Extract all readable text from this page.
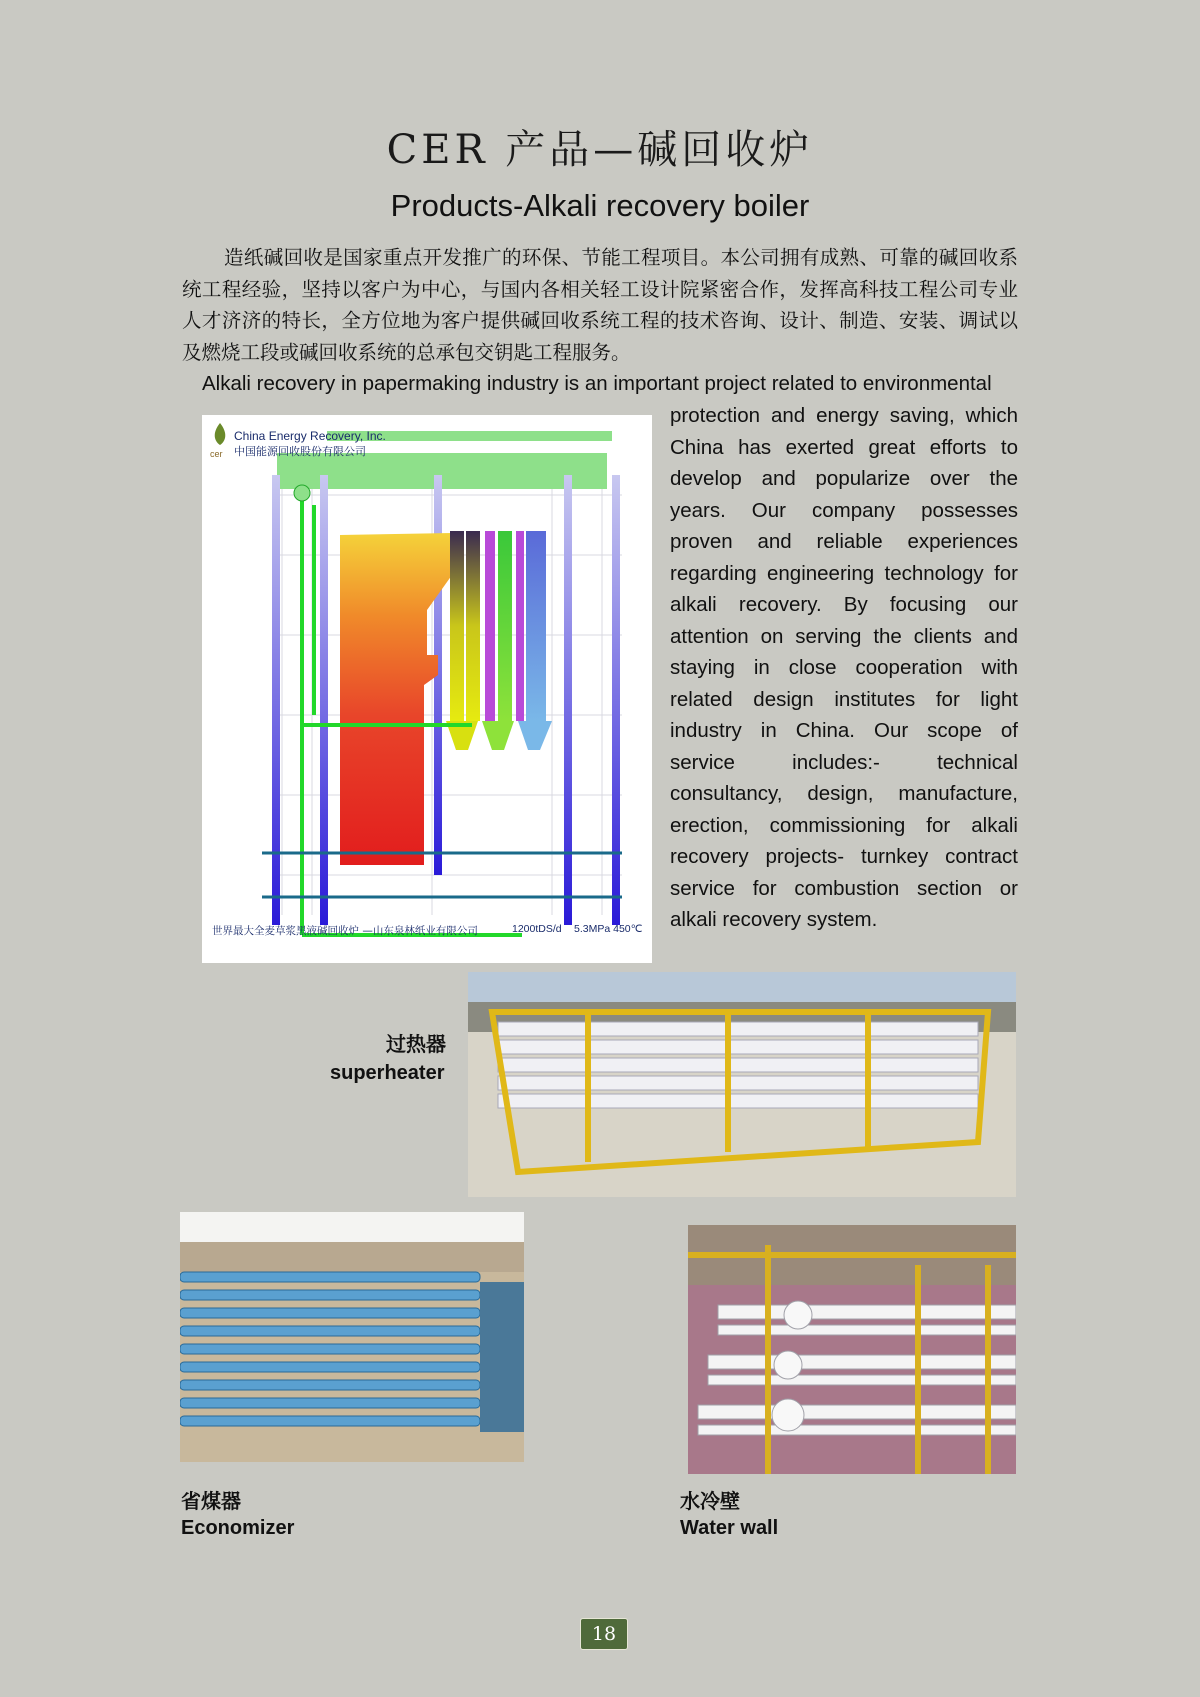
CER 产品—碱回收炉
Products-Alkali recovery boiler
造纸碱回收是国家重点开发推广的环保、节能工程项目。本公司拥有成熟、可靠的碱回收系统工程经验，坚持以客户为中心，与国内各相关轻工设计院紧密合作，发挥高科技工程公司专业人才济济的特长，全方位地为客户提供碱回收系统工程的技术咨询、设计、制造、安装、调试以及燃烧工段或碱回收系统的总承包交钥匙工程服务。
Alkali recovery in papermaking industry is an important project related to environmental
protection and energy saving, which China has exerted great efforts to develop and popularize over the years. Our company possesses proven and reliable experiences regarding engineering technology for alkali recovery. By focusing our attention on serving the clients and staying in close cooperation with related design institutes for light industry in China. Our scope of service includes:- technical consultancy, design, manufacture, erection, commissioning for alkali recovery projects- turnkey contract service for combustion section or alkali recovery system.
cer
China Energy Recovery, Inc.
中国能源回收股份有限公司
世界最大全麦草浆黑液碱回收炉 —山东泉林纸业有限公司	1200tDS/d 5.3MPa 450℃
过热器
superheater
省煤器
Economizer
水冷壁
Water wall
18
